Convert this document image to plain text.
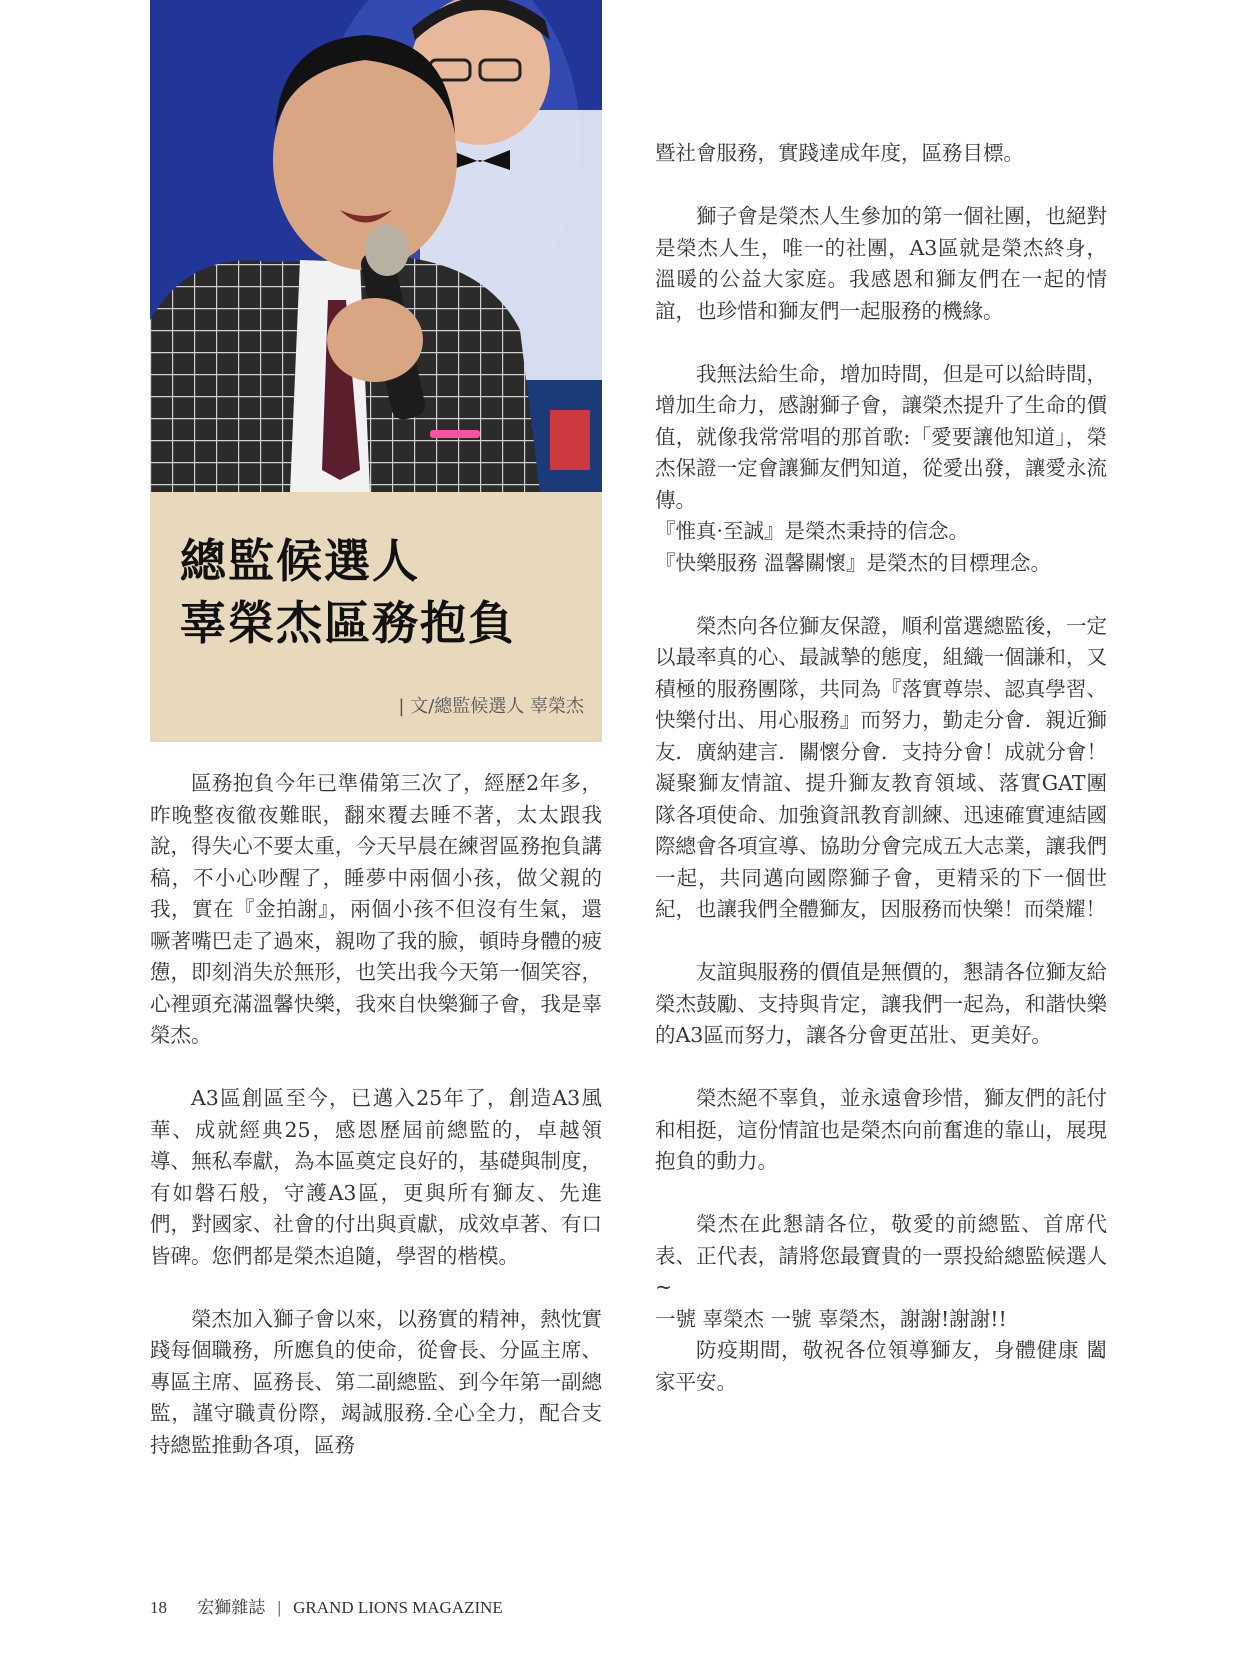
總監候選人
辜榮杰區務抱負
| 文/總監候選人 辜榮杰

區務抱負今年已準備第三次了，經歷2年多，昨晚整夜徹夜難眠，翻來覆去睡不著，太太跟我說，得失心不要太重，今天早晨在練習區務抱負講稿，不小心吵醒了，睡夢中兩個小孩，做父親的我，實在『金拍謝』，兩個小孩不但沒有生氣，還噘著嘴巴走了過來，親吻了我的臉，頓時身體的疲憊，即刻消失於無形，也笑出我今天第一個笑容，心裡頭充滿溫馨快樂，我來自快樂獅子會，我是辜榮杰。

A3區創區至今，已邁入25年了，創造A3風華、成就經典25，感恩歷屆前總監的，卓越領導、無私奉獻，為本區奠定良好的，基礎與制度，有如磐石般，守護A3區，更與所有獅友、先進們，對國家、社會的付出與貢獻，成效卓著、有口皆碑。您們都是榮杰追隨，學習的楷模。

榮杰加入獅子會以來，以務實的精神，熱忱實踐每個職務，所應負的使命，從會長、分區主席、專區主席、區務長、第二副總監、到今年第一副總監，謹守職責份際，竭誠服務.全心全力，配合支持總監推動各項，區務

暨社會服務，實踐達成年度，區務目標。

獅子會是榮杰人生參加的第一個社團，也絕對是榮杰人生，唯一的社團，A3區就是榮杰終身，溫暖的公益大家庭。我感恩和獅友們在一起的情誼，也珍惜和獅友們一起服務的機緣。

我無法給生命，增加時間，但是可以給時間，增加生命力，感謝獅子會，讓榮杰提升了生命的價值，就像我常常唱的那首歌:「愛要讓他知道」，榮杰保證一定會讓獅友們知道，從愛出發，讓愛永流傳。

『惟真·至誠』是榮杰秉持的信念。

『快樂服務 溫馨關懷』是榮杰的目標理念。

榮杰向各位獅友保證，順利當選總監後，一定以最率真的心、最誠摯的態度，組織一個謙和，又積極的服務團隊，共同為『落實尊崇、認真學習、快樂付出、用心服務』而努力，勤走分會．親近獅友．廣納建言．關懷分會．支持分會！成就分會！凝聚獅友情誼、提升獅友教育領域、落實GAT團隊各項使命、加強資訊教育訓練、迅速確實連結國際總會各項宣導、協助分會完成五大志業，讓我們一起，共同邁向國際獅子會，更精采的下一個世紀，也讓我們全體獅友，因服務而快樂！而榮耀！

友誼與服務的價值是無價的，懇請各位獅友給榮杰鼓勵、支持與肯定，讓我們一起為，和諧快樂的A3區而努力，讓各分會更茁壯、更美好。

榮杰絕不辜負，並永遠會珍惜，獅友們的託付和相挺，這份情誼也是榮杰向前奮進的靠山，展現抱負的動力。

榮杰在此懇請各位，敬愛的前總監、首席代表、正代表，請將您最寶貴的一票投給總監候選人~

一號 辜榮杰 一號 辜榮杰，謝謝!謝謝!!

防疫期間，敬祝各位領導獅友，身體健康 闔家平安。

18 宏獅雜誌 | GRAND LIONS MAGAZINE
